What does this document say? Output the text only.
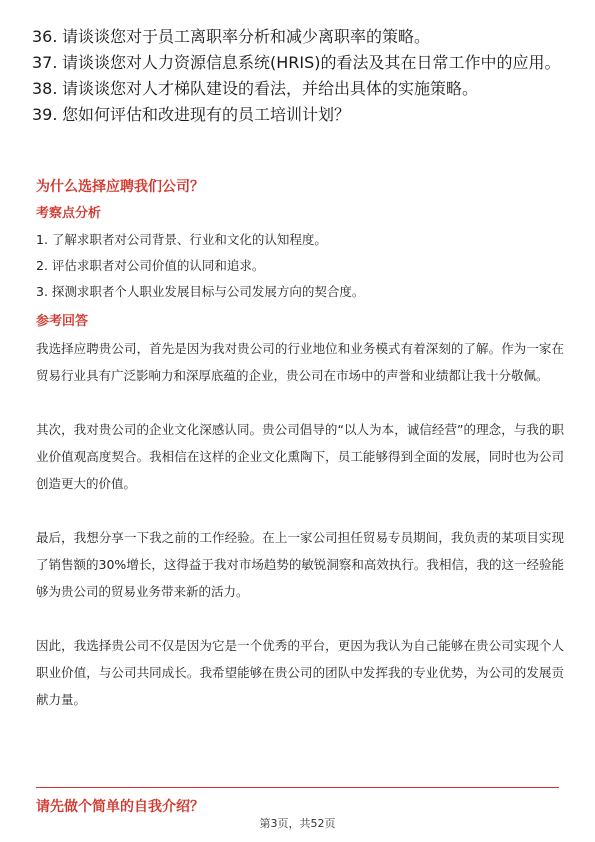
36. 请谈谈您对于员工离职率分析和减少离职率的策略。
37. 请谈谈您对人力资源信息系统(HRIS)的看法及其在日常工作中的应用。
38. 请谈谈您对人才梯队建设的看法，并给出具体的实施策略。
39. 您如何评估和改进现有的员工培训计划？
为什么选择应聘我们公司？
考察点分析
1. 了解求职者对公司背景、行业和文化的认知程度。
2. 评估求职者对公司价值的认同和追求。
3. 探测求职者个人职业发展目标与公司发展方向的契合度。
参考回答

我选择应聘贵公司，首先是因为我对贵公司的行业地位和业务模式有着深刻的了解。作为一家在贸易行业具有广泛影响力和深厚底蕴的企业，贵公司在市场中的声誉和业绩都让我十分敬佩。

其次，我对贵公司的企业文化深感认同。贵公司倡导的“以人为本，诚信经营”的理念，与我的职业价值观高度契合。我相信在这样的企业文化熏陶下，员工能够得到全面的发展，同时也为公司创造更大的价值。

最后，我想分享一下我之前的工作经验。在上一家公司担任贸易专员期间，我负责的某项目实现了销售额的30%增长，这得益于我对市场趋势的敏锐洞察和高效执行。我相信，我的这一经验能够为贵公司的贸易业务带来新的活力。

因此，我选择贵公司不仅是因为它是一个优秀的平台，更因为我认为自己能够在贵公司实现个人职业价值，与公司共同成长。我希望能够在贵公司的团队中发挥我的专业优势，为公司的发展贡献力量。

请先做个简单的自我介绍？
第3页，共52页
